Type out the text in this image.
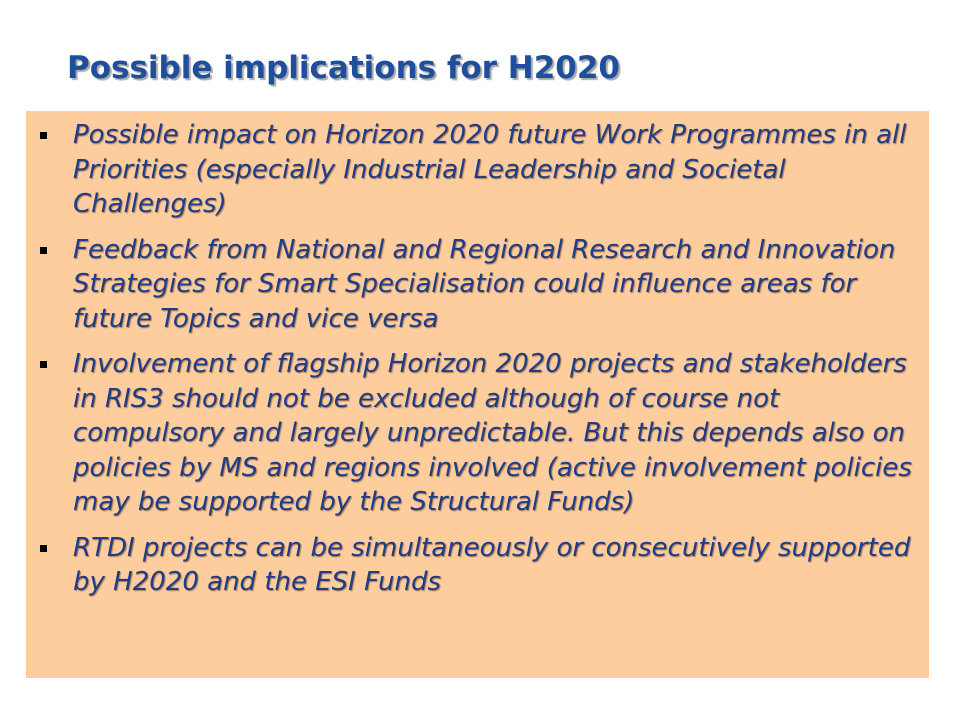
Possible implications for H2020
Possible impact on Horizon 2020 future Work Programmes in all Priorities (especially Industrial Leadership and Societal Challenges)
Feedback from National and Regional Research and Innovation Strategies for Smart Specialisation could influence areas for future Topics and vice versa
Involvement of flagship Horizon 2020 projects and stakeholders in RIS3 should not be excluded although of course not compulsory and largely unpredictable. But this depends also on policies by MS and regions involved (active involvement policies may be supported by the Structural Funds)
RTDI projects can be simultaneously or consecutively supported by H2020 and the ESI Funds
